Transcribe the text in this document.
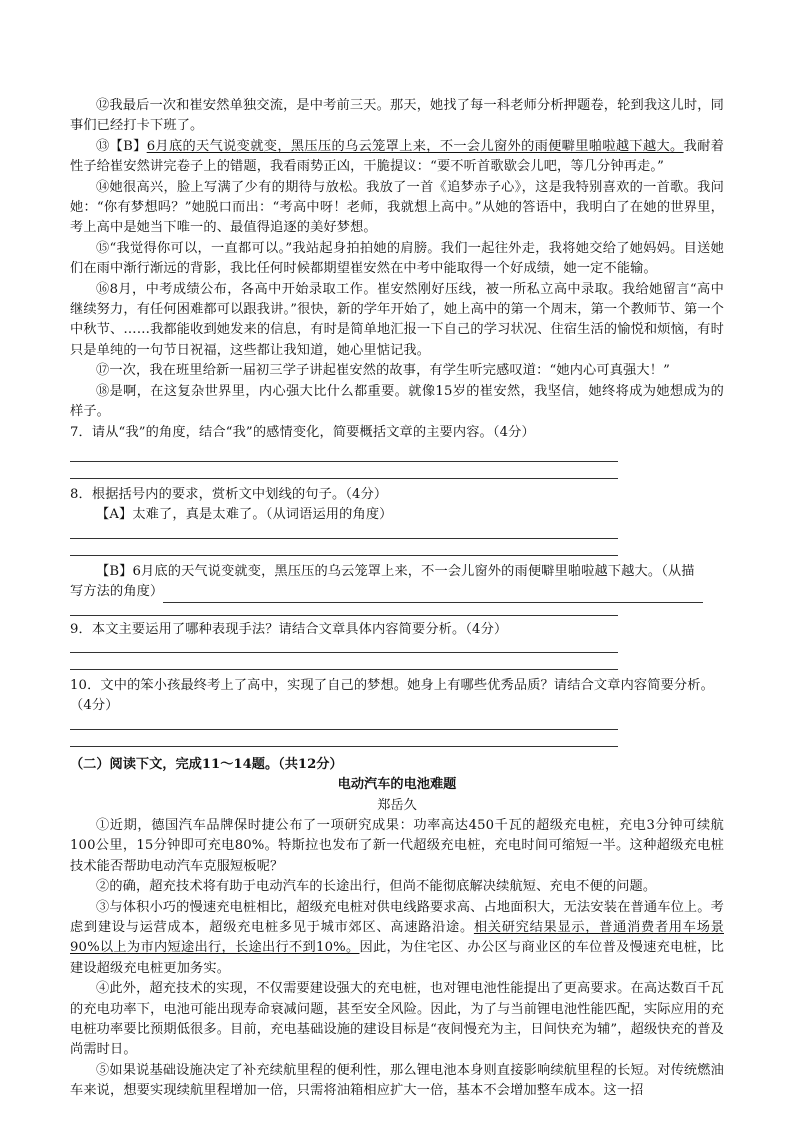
⑫我最后一次和崔安然单独交流，是中考前三天。那天，她找了每一科老师分析押题卷，轮到我这儿时，同事们已经打卡下班了。

⑬【B】6月底的天气说变就变，黑压压的乌云笼罩上来，不一会儿窗外的雨便噼里啪啦越下越大。我耐着性子给崔安然讲完卷子上的错题，我看雨势正凶，干脆提议：“要不听首歌歇会儿吧，等几分钟再走。”

⑭她很高兴，脸上写满了少有的期待与放松。我放了一首《追梦赤子心》，这是我特别喜欢的一首歌。我问她：“你有梦想吗？”她脱口而出：“考高中呀！老师，我就想上高中。”从她的答语中，我明白了在她的世界里，考上高中是她当下唯一的、最值得追逐的美好梦想。

⑮“我觉得你可以，一直都可以。”我站起身拍拍她的肩膀。我们一起往外走，我将她交给了她妈妈。目送她们在雨中渐行渐远的背影，我比任何时候都期望崔安然在中考中能取得一个好成绩，她一定不能输。

⑯8月，中考成绩公布，各高中开始录取工作。崔安然刚好压线，被一所私立高中录取。我给她留言“高中继续努力，有任何困难都可以跟我讲。”很快，新的学年开始了，她上高中的第一个周末，第一个教师节、第一个中秋节、……我都能收到她发来的信息，有时是简单地汇报一下自己的学习状况、住宿生活的愉悦和烦恼，有时只是单纯的一句节日祝福，这些都让我知道，她心里惦记我。

⑰一次，我在班里给新一届初三学子讲起崔安然的故事，有学生听完感叹道：“她内心可真强大！”

⑱是啊，在这复杂世界里，内心强大比什么都重要。就像15岁的崔安然，我坚信，她终将成为她想成为的样子。

7．请从“我”的角度，结合“我”的感情变化，简要概括文章的主要内容。（4分）

8．根据括号内的要求，赏析文中划线的句子。（4分）

【A】太难了，真是太难了。（从词语运用的角度）

【B】6月底的天气说变就变，黑压压的乌云笼罩上来，不一会儿窗外的雨便噼里啪啦越下越大。（从描

写方法的角度）

9．本文主要运用了哪种表现手法？请结合文章具体内容简要分析。（4分）

10．文中的笨小孩最终考上了高中，实现了自己的梦想。她身上有哪些优秀品质？请结合文章内容简要分析。（4分）

（二）阅读下文，完成11～14题。（共12分）

电动汽车的电池难题

郑岳久

①近期，德国汽车品牌保时捷公布了一项研究成果：功率高达450千瓦的超级充电桩，充电3分钟可续航100公里，15分钟即可充电80%。特斯拉也发布了新一代超级充电桩，充电时间可缩短一半。这种超级充电桩技术能否帮助电动汽车克服短板呢？

②的确，超充技术将有助于电动汽车的长途出行，但尚不能彻底解决续航短、充电不便的问题。

③与体积小巧的慢速充电桩相比，超级充电桩对供电线路要求高、占地面积大，无法安装在普通车位上。考虑到建设与运营成本，超级充电桩多见于城市郊区、高速路沿途。相关研究结果显示，普通消费者用车场景90%以上为市内短途出行，长途出行不到10%。因此，为住宅区、办公区与商业区的车位普及慢速充电桩，比建设超级充电桩更加务实。

④此外，超充技术的实现，不仅需要建设强大的充电桩，也对锂电池性能提出了更高要求。在高达数百千瓦的充电功率下，电池可能出现寿命衰减问题，甚至安全风险。因此，为了与当前锂电池性能匹配，实际应用的充电桩功率要比预期低很多。目前，充电基础设施的建设目标是“夜间慢充为主，日间快充为辅”，超级快充的普及尚需时日。

⑤如果说基础设施决定了补充续航里程的便利性，那么锂电池本身则直接影响续航里程的长短。对传统燃油车来说，想要实现续航里程增加一倍，只需将油箱相应扩大一倍，基本不会增加整车成本。这一招
